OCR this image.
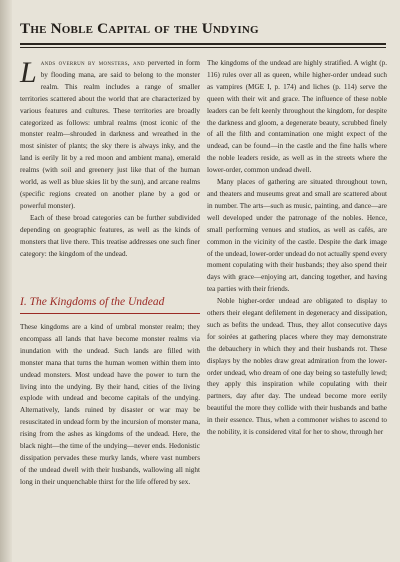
The Noble Capital of the Undying

Lands overrun by monsters, and perverted in form by flooding mana, are said to belong to the monster realm. This realm includes a range of smaller territories scattered about the world that are characterized by various features and cultures. These territories are broadly categorized as follows: umbral realms (most iconic of the monster realm—shrouded in darkness and wreathed in the most sinister of plants; the sky there is always inky, and the land is eerily lit by a red moon and ambient mana), emerald realms (with soil and greenery just like that of the human world, as well as blue skies lit by the sun), and arcane realms (specific regions created on another plane by a god or powerful monster).

Each of these broad categories can be further subdivided depending on geographic features, as well as the kinds of monsters that live there. This treatise addresses one such finer category: the kingdom of the undead.

I. The Kingdoms of the Undead

These kingdoms are a kind of umbral monster realm; they encompass all lands that have become monster realms via inundation with the undead. Such lands are filled with monster mana that turns the human women within them into undead monsters. Most undead have the power to turn the living into the undying. By their hand, cities of the living explode with undead and become capitals of the undying. Alternatively, lands ruined by disaster or war may be resuscitated in undead form by the incursion of monster mana, rising from the ashes as kingdoms of the undead. Here, the black night—the time of the undying—never ends. Hedonistic dissipation pervades these murky lands, where vast numbers of the undead dwell with their husbands, wallowing all night long in their unquenchable thirst for the life offered by sex.

The kingdoms of the undead are highly stratified. A wight (p. 116) rules over all as queen, while higher-order undead such as vampires (MGE I, p. 174) and liches (p. 114) serve the queen with their wit and grace. The influence of these noble leaders can be felt keenly throughout the kingdom, for despite the darkness and gloom, a degenerate beauty, scrubbed finely of all the filth and contamination one might expect of the undead, can be found—in the castle and the fine halls where the noble leaders reside, as well as in the streets where the lower-order, common undead dwell.

Many places of gathering are situated throughout town, and theaters and museums great and small are scattered about in number. The arts—such as music, painting, and dance—are well developed under the patronage of the nobles. Hence, small performing venues and studios, as well as cafés, are common in the vicinity of the castle. Despite the dark image of the undead, lower-order undead do not actually spend every moment copulating with their husbands; they also spend their days with grace—enjoying art, dancing together, and having tea parties with their friends.

Noble higher-order undead are obligated to display to others their elegant defilement in degeneracy and dissipation, such as befits the undead. Thus, they allot consecutive days for soirées at gathering places where they may demonstrate the debauchery in which they and their husbands rot. These displays by the nobles draw great admiration from the lower-order undead, who dream of one day being so tastefully lewd; they apply this inspiration while copulating with their partners, day after day. The undead become more eerily beautiful the more they collide with their husbands and bathe in their essence. Thus, when a commoner wishes to ascend to the nobility, it is considered vital for her to show, through her
